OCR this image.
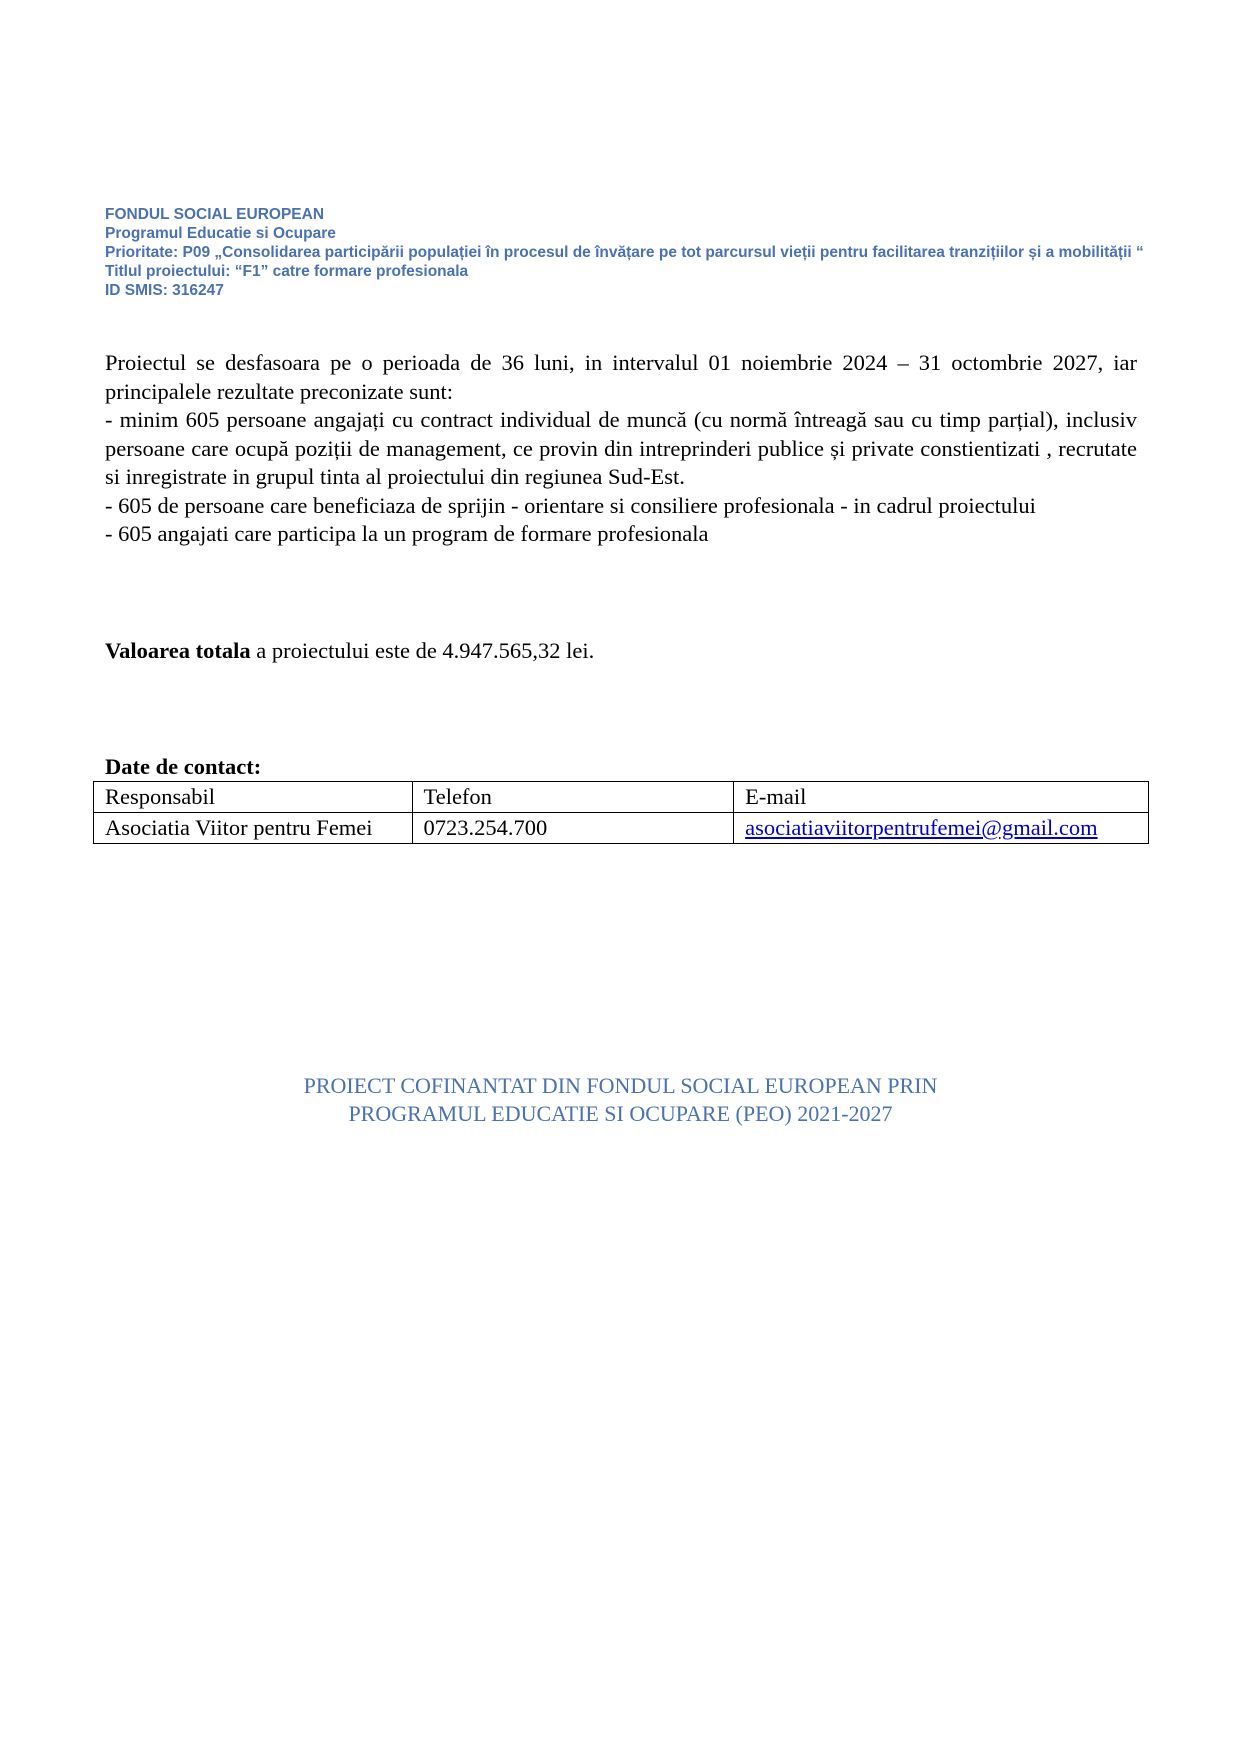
FONDUL SOCIAL EUROPEAN
Programul Educatie si Ocupare
Prioritate: P09 „Consolidarea participării populației în procesul de învățare pe tot parcursul vieții pentru facilitarea tranzițiilor și a mobilității “
Titlul proiectului: “F1” catre formare profesionala
ID SMIS: 316247

Proiectul se desfasoara pe o perioada de 36 luni, in intervalul 01 noiembrie 2024 – 31 octombrie 2027, iar principalele rezultate preconizate sunt:

- minim 605 persoane angajați cu contract individual de muncă (cu normă întreagă sau cu timp parțial), inclusiv persoane care ocupă poziții de management, ce provin din intreprinderi publice și private constientizati , recrutate si inregistrate in grupul tinta al proiectului din regiunea Sud-Est.

- 605 de persoane care beneficiaza de sprijin - orientare si consiliere profesionala - in cadrul proiectului

- 605 angajati care participa la un program de formare profesionala

Valoarea totala a proiectului este de 4.947.565,32 lei.
Date de contact:
Responsabil	Telefon	E-mail
Asociatia Viitor pentru Femei	0723.254.700	asociatiaviitorpentrufemei@gmail.com
PROIECT COFINANTAT DIN FONDUL SOCIAL EUROPEAN PRIN
PROGRAMUL EDUCATIE SI OCUPARE (PEO) 2021-2027
